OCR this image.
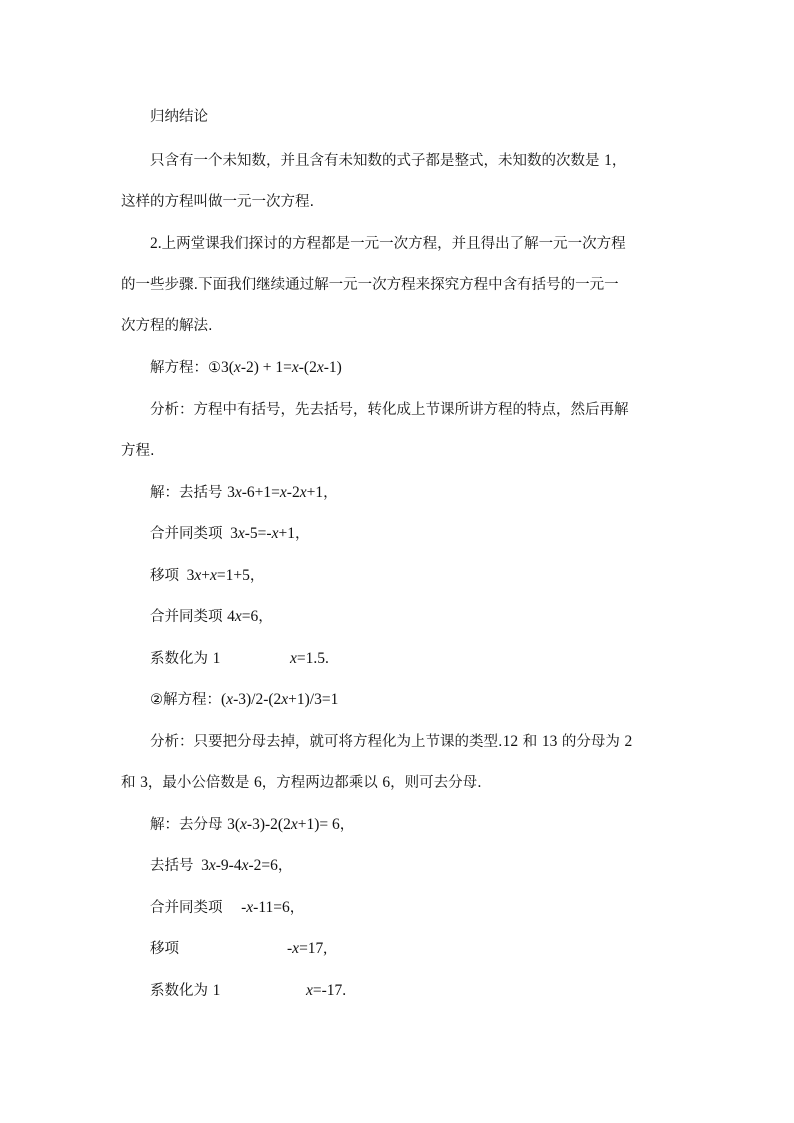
归纳结论
只含有一个未知数，并且含有未知数的式子都是整式，未知数的次数是 1，
这样的方程叫做一元一次方程.
2.上两堂课我们探讨的方程都是一元一次方程，并且得出了解一元一次方程
的一些步骤.下面我们继续通过解一元一次方程来探究方程中含有括号的一元一
次方程的解法.
解方程：①3(x-2) + 1=x-(2x-1)
分析：方程中有括号，先去括号，转化成上节课所讲方程的特点，然后再解
方程.
解：去括号 3x-6+1=x-2x+1，
合并同类项 3x-5=-x+1，
移项 3x+x=1+5，
合并同类项 4x=6，
系数化为 1	x=1.5.
②解方程：(x-3)/2-(2x+1)/3=1
分析：只要把分母去掉，就可将方程化为上节课的类型.12 和 13 的分母为 2
和 3，最小公倍数是 6，方程两边都乘以 6，则可去分母.
解：去分母 3(x-3)-2(2x+1)= 6，
去括号 3x-9-4x-2=6，
合并同类项 -x-11=6，
移项	-x=17,
系数化为 1	x=-17.
